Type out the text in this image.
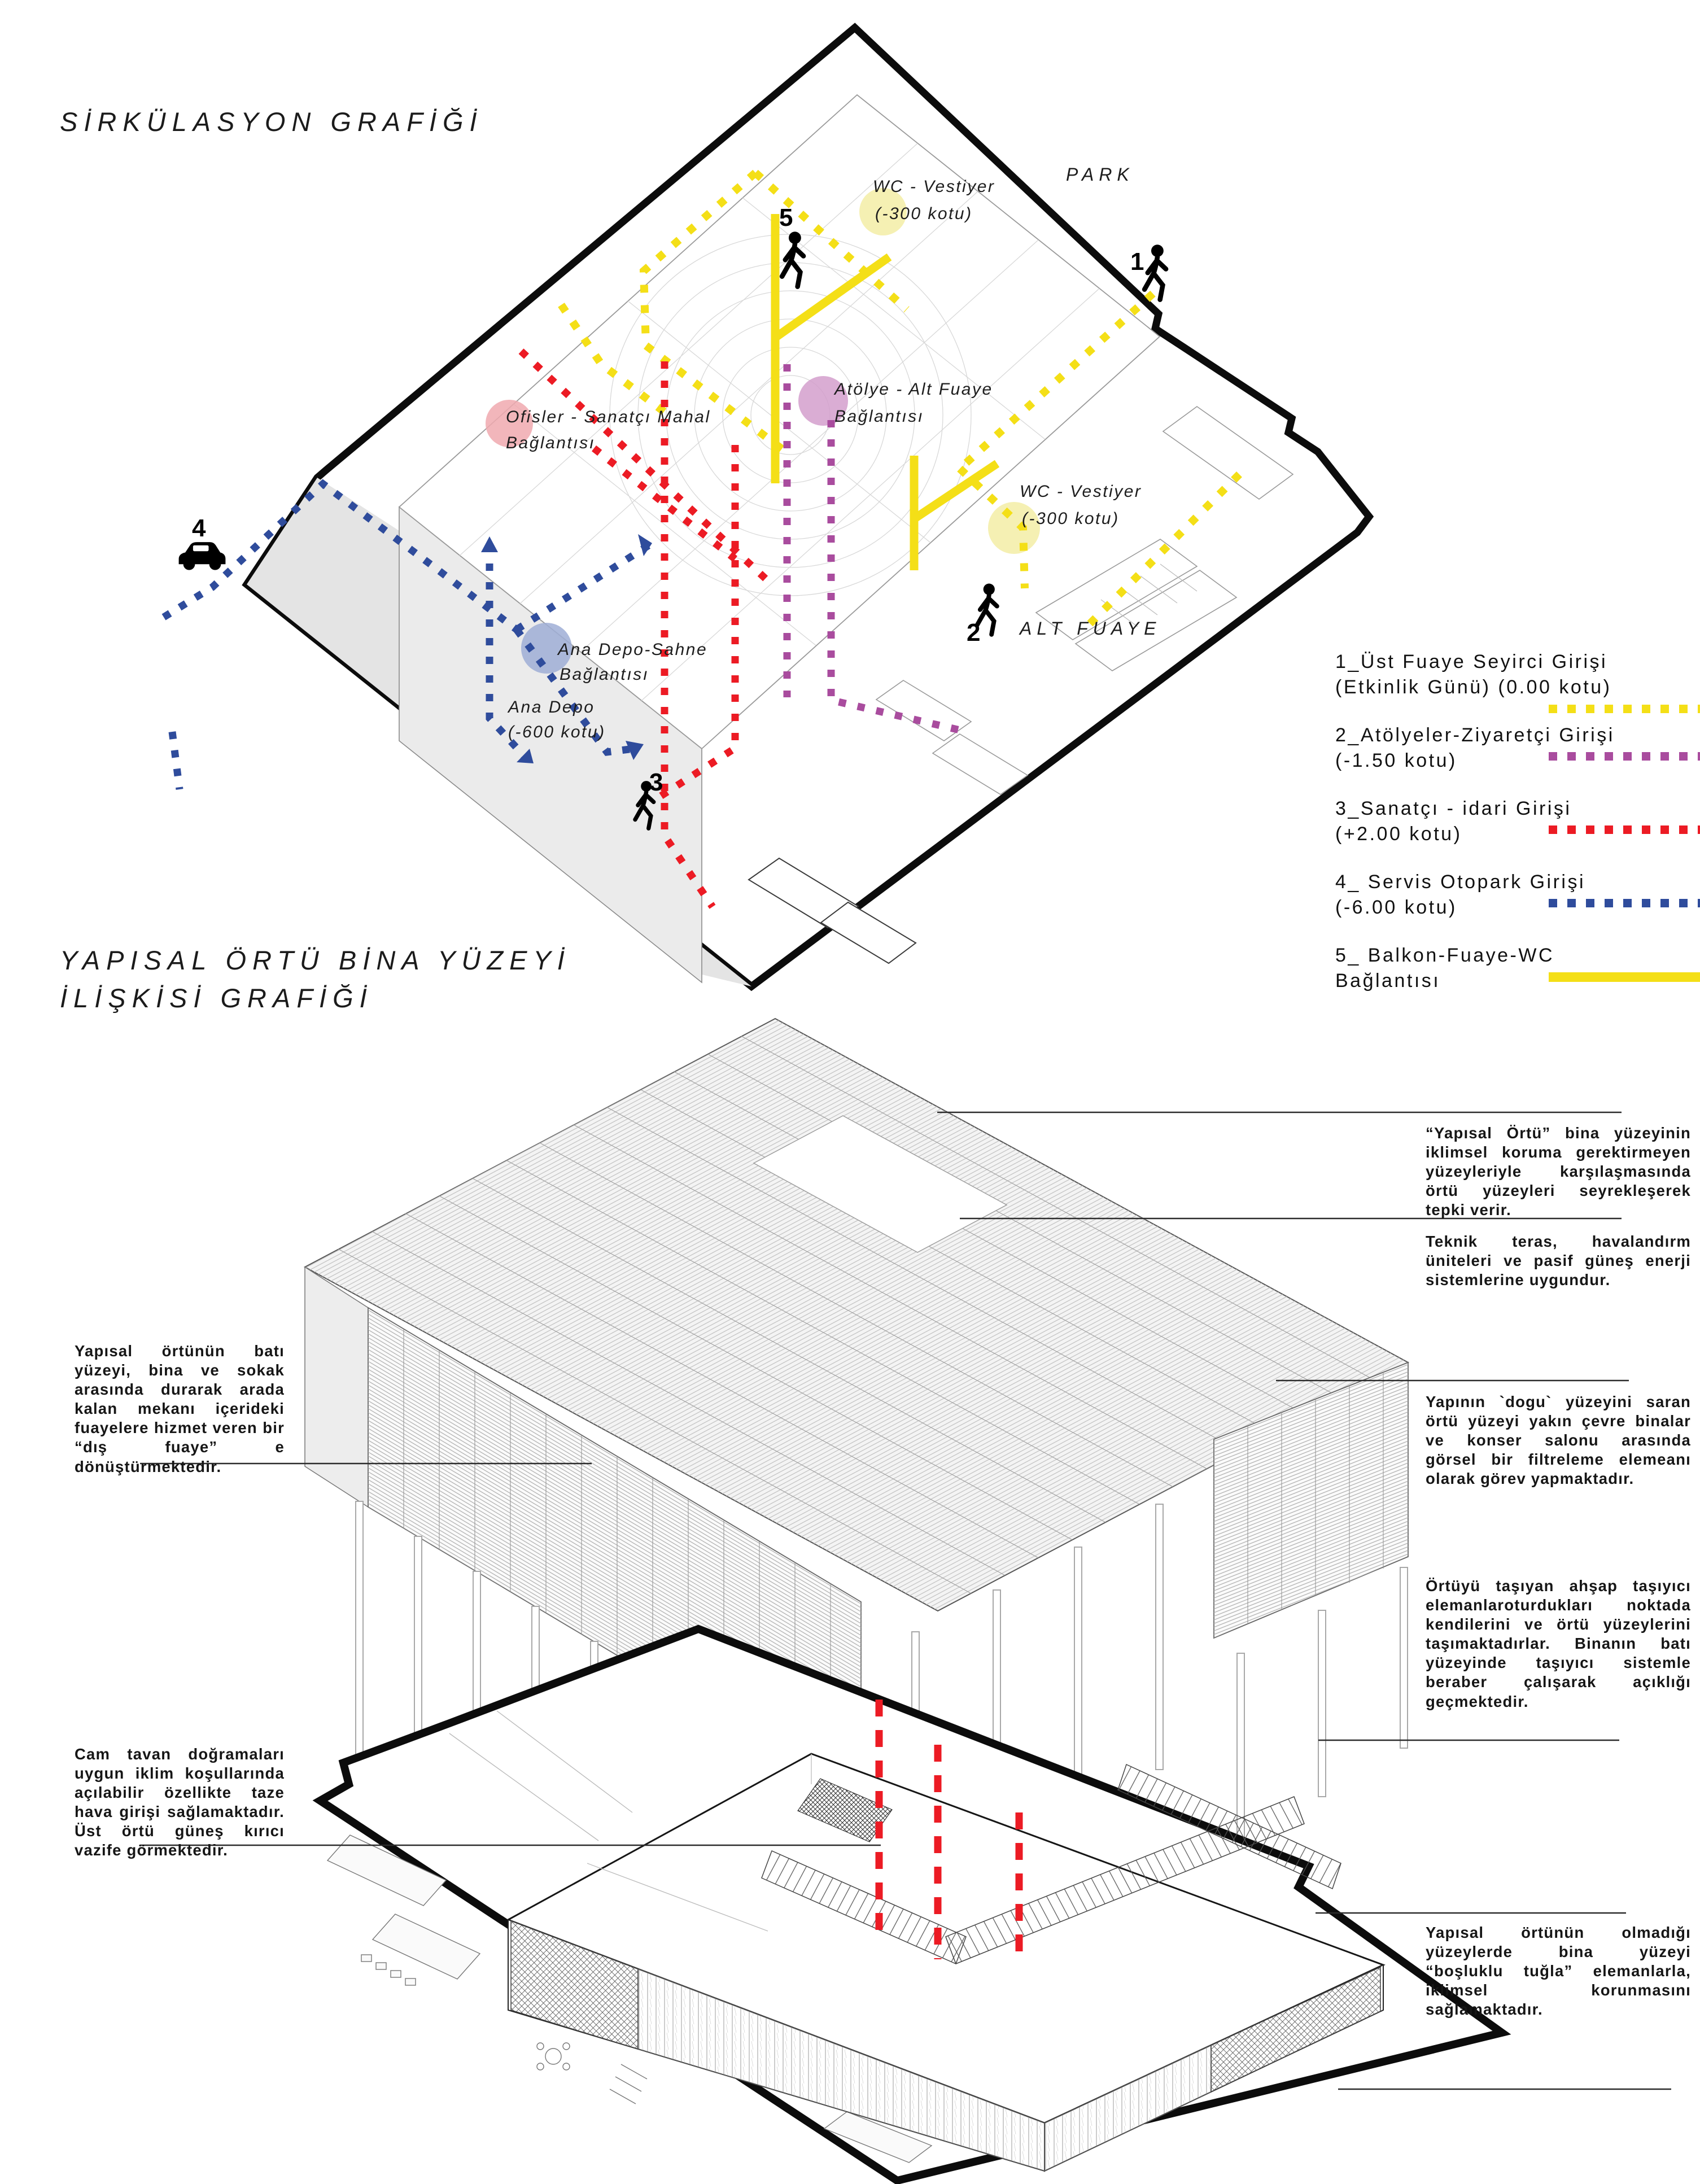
1
5
2
3
4
PARK
ALT FUAYE
WC - Vestiyer
(-300 kotu)
WC - Vestiyer
(-300 kotu)
Atölye - Alt Fuaye
Bağlantısı
Ofisler - Sanatçı Mahal
Bağlantısı
Ana Depo-Sahne
Bağlantısı
Ana Depo
(-600 kotu)
SİRKÜLASYON GRAFİĞİ
YAPISAL ÖRTÜ BİNA YÜZEYİ
İLİŞKİSİ GRAFİĞİ
1_Üst Fuaye Seyirci Girişi
(Etkinlik Günü) (0.00 kotu)
2_Atölyeler-Ziyaretçi Girişi
(-1.50 kotu)
3_Sanatçı - idari Girişi
(+2.00 kotu)
4_ Servis Otopark Girişi
(-6.00 kotu)
5_ Balkon-Fuaye-WC
Bağlantısı
“Yapısal Örtü” bina yüzeyinin iklimsel koruma gerektirmeyen yüzeyleriyle karşılaşmasında örtü yüzeyleri seyrekleşerek tepki verir.
Teknik teras, havalandırm üniteleri ve pasif güneş enerji sistemlerine uygundur.
Yapının `dogu` yüzeyini saran örtü yüzeyi yakın çevre binalar ve konser salonu arasında görsel bir filtreleme elemeanı olarak görev yapmaktadır.
Örtüyü taşıyan ahşap taşıyıcı elemanlaroturdukları noktada kendilerini ve örtü yüzeylerini taşımaktadırlar. Binanın batı yüzeyinde taşıyıcı sistemle beraber çalışarak açıklığı geçmektedir.
Yapısal örtünün olmadığı yüzeylerde bina yüzeyi “boşluklu tuğla” elemanlarla, iklimsel korunmasını sağlamaktadır.
Yapısal örtünün batı yüzeyi, bina ve sokak arasında durarak arada kalan mekanı içerideki fuayelere hizmet veren bir “dış fuaye” e dönüştürmektedir.
Cam tavan doğramaları uygun iklim koşullarında açılabilir özellikte taze hava girişi sağlamaktadır. Üst örtü güneş kırıcı vazife görmektedir.
